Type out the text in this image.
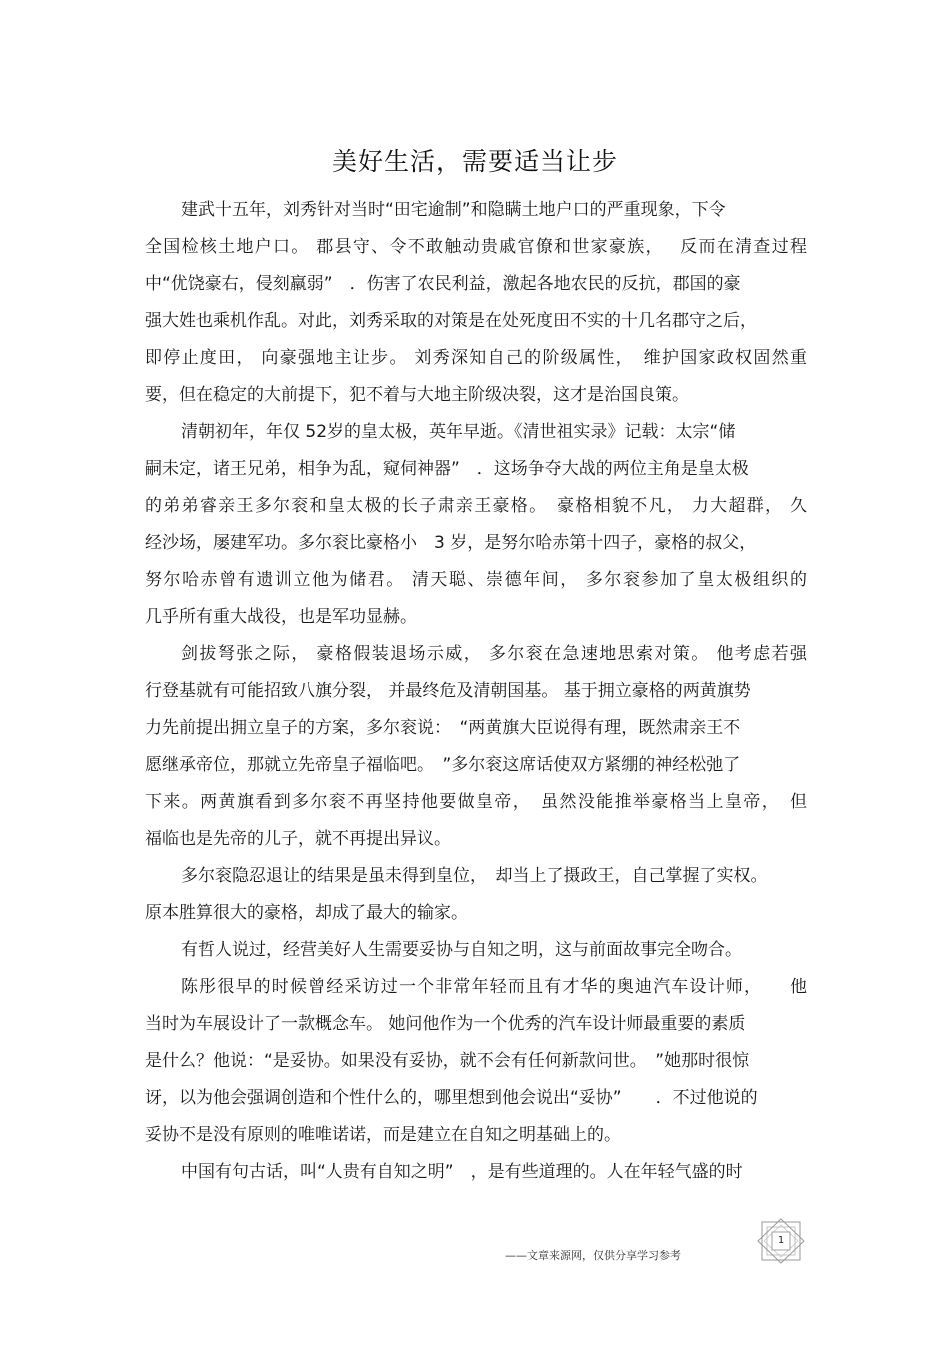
美好生活，需要适当让步
建武十五年，刘秀针对当时“田宅逾制”和隐瞒土地户口的严重现象，下令
全国检核土地户口。 郡县守、令不敢触动贵戚官僚和世家豪族，　 反而在清查过程
中“优饶豪右，侵刻羸弱”　．伤害了农民利益，激起各地农民的反抗，郡国的豪
强大姓也乘机作乱。对此，刘秀采取的对策是在处死度田不实的十几名郡守之后，
即停止度田， 向豪强地主让步。 刘秀深知自己的阶级属性，　维护国家政权固然重
要，但在稳定的大前提下，犯不着与大地主阶级决裂，这才是治国良策。
清朝初年，年仅 52岁的皇太极，英年早逝。《清世祖实录》记载：太宗“储
嗣未定，诸王兄弟，相争为乱，窥伺神器”　．这场争夺大战的两位主角是皇太极
的弟弟睿亲王多尔衮和皇太极的长子肃亲王豪格。　豪格相貌不凡， 力大超群， 久
经沙场，屡建军功。多尔衮比豪格小　3 岁，是努尔哈赤第十四子，豪格的叔父，
努尔哈赤曾有遗训立他为储君。 清天聪、崇德年间， 多尔衮参加了皇太极组织的
几乎所有重大战役，也是军功显赫。
剑拔弩张之际， 豪格假装退场示威， 多尔衮在急速地思索对策。 他考虑若强
行登基就有可能招致八旗分裂， 并最终危及清朝国基。 基于拥立豪格的两黄旗势
力先前提出拥立皇子的方案，多尔衮说：　“两黄旗大臣说得有理，既然肃亲王不
愿继承帝位，那就立先帝皇子福临吧。　”多尔衮这席话使双方紧绷的神经松弛了
下来。两黄旗看到多尔衮不再坚持他要做皇帝，　虽然没能推举豪格当上皇帝，　但
福临也是先帝的儿子，就不再提出异议。
多尔衮隐忍退让的结果是虽未得到皇位，　却当上了摄政王，自己掌握了实权。
原本胜算很大的豪格，却成了最大的输家。
有哲人说过，经营美好人生需要妥协与自知之明，这与前面故事完全吻合。
陈彤很早的时候曾经采访过一个非常年轻而且有才华的奥迪汽车设计师，　　他
当时为车展设计了一款概念车。 她问他作为一个优秀的汽车设计师最重要的素质
是什么？他说：“是妥协。如果没有妥协，就不会有任何新款问世。　”她那时很惊
讶，以为他会强调创造和个性什么的，哪里想到他会说出“妥协”　　．不过他说的
妥协不是没有原则的唯唯诺诺，而是建立在自知之明基础上的。
中国有句古话，叫“人贵有自知之明”　，是有些道理的。人在年轻气盛的时
——文章来源网，仅供分享学习参考
1
